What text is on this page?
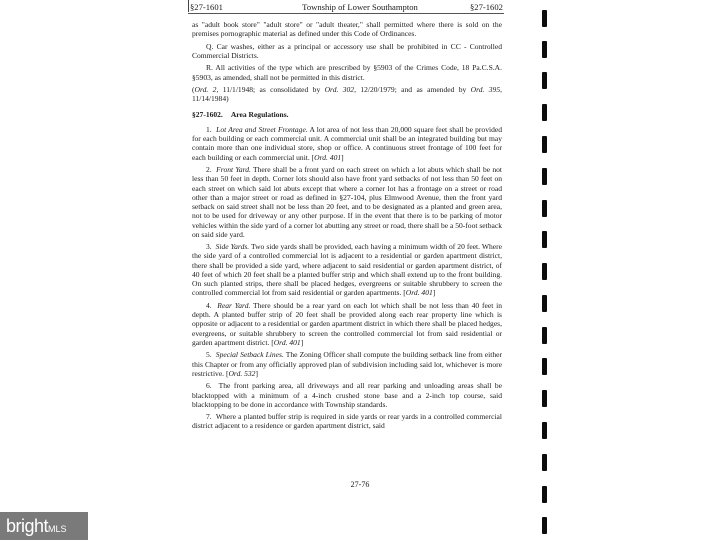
§27-1601	Township of Lower Southampton	§27-1602

as "adult book store" "adult store" or "adult theater," shall permitted where there is sold on the premises pornographic material as defined under this Code of Ordinances.

Q. Car washes, either as a principal or accessory use shall be prohibited in CC - Controlled Commercial Districts.

R. All activities of the type which are prescribed by §5903 of the Crimes Code, 18 Pa.C.S.A. §5903, as amended, shall not be permitted in this district.

(Ord. 2, 11/1/1948; as consolidated by Ord. 302, 12/20/1979; and as amended by Ord. 395, 11/14/1984)

§27-1602. Area Regulations.

1. Lot Area and Street Frontage. A lot area of not less than 20,000 square feet shall be provided for each building or each commercial unit. A commercial unit shall be an integrated building but may contain more than one individual store, shop or office. A continuous street frontage of 100 feet for each building or each commercial unit. [Ord. 401]

2. Front Yard. There shall be a front yard on each street on which a lot abuts which shall be not less than 50 feet in depth. Corner lots should also have front yard setbacks of not less than 50 feet on each street on which said lot abuts except that where a corner lot has a frontage on a street or road other than a major street or road as defined in §27-104, plus Elmwood Avenue, then the front yard setback on said street shall not be less than 20 feet, and to be designated as a planted and green area, not to be used for driveway or any other purpose. If in the event that there is to be parking of motor vehicles within the side yard of a corner lot abutting any street or road, there shall be a 50-foot setback on said side yard.

3. Side Yards. Two side yards shall be provided, each having a minimum width of 20 feet. Where the side yard of a controlled commercial lot is adjacent to a residential or garden apartment district, there shall be provided a side yard, where adjacent to said residential or garden apartment district, of 40 feet of which 20 feet shall be a planted buffer strip and which shall extend up to the front building. On such planted strips, there shall be placed hedges, evergreens or suitable shrubbery to screen the controlled commercial lot from said residential or garden apartments. [Ord. 401]

4. Rear Yard. There should be a rear yard on each lot which shall be not less than 40 feet in depth. A planted buffer strip of 20 feet shall be provided along each rear property line which is opposite or adjacent to a residential or garden apartment district in which there shall be placed hedges, evergreens, or suitable shrubbery to screen the controlled commercial lot from said residential or garden apartment district. [Ord. 401]

5. Special Setback Lines. The Zoning Officer shall compute the building setback line from either this Chapter or from any officially approved plan of subdivision including said lot, whichever is more restrictive. [Ord. 532]

6. The front parking area, all driveways and all rear parking and unloading areas shall be blacktopped with a minimum of a 4-inch crushed stone base and a 2-inch top course, said blacktopping to be done in accordance with Township standards.

7. Where a planted buffer strip is required in side yards or rear yards in a controlled commercial district adjacent to a residence or garden apartment district, said

27-76
brightMLS
